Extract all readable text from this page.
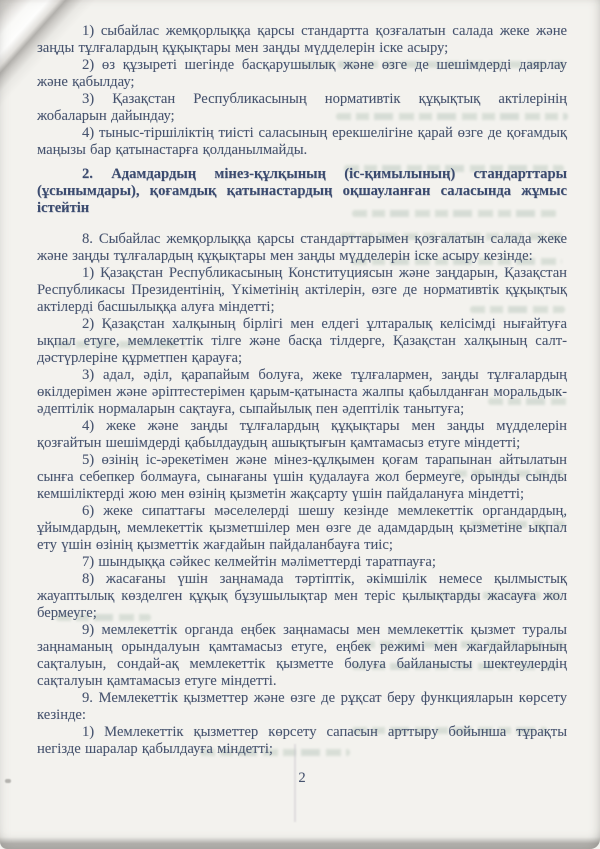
1) сыбайлас жемқорлыққа қарсы стандартта қозғалатын салада жеке және заңды тұлғалардың құқықтары мен заңды мүдделерін іске асыру;

2) өз құзыреті шегінде басқарушылық және өзге де шешімдерді даярлау және қабылдау;

3) Қазақстан Республикасының нормативтік құқықтық актілерінің жобаларын дайындау;

4) тыныс-тіршіліктің тиісті саласының ерекшелігіне қарай өзге де қоғамдық маңызы бар қатынастарға қолданылмайды.

2. Адамдардың мінез-құлқының (іс-қимылының) стандарттары (ұсынымдары), қоғамдық қатынастардың оқшауланған саласында жұмыс істейтін

8. Сыбайлас жемқорлыққа қарсы стандарттарымен қозғалатын салада жеке және заңды тұлғалардың құқықтары мен заңды мүдделерін іске асыру кезінде:

1) Қазақстан Республикасының Конституциясын және заңдарын, Қазақстан Республикасы Президентінің, Үкіметінің актілерін, өзге де нормативтік құқықтық актілерді басшылыққа алуға міндетті;

2) Қазақстан халқының бірлігі мен елдегі ұлтаралық келісімді нығайтуға ықпал етуге, мемлекеттік тілге және басқа тілдерге, Қазақстан халқының салт-дәстүрлеріне құрметпен қарауға;

3) адал, әділ, қарапайым болуға, жеке тұлғалармен, заңды тұлғалардың өкілдерімен және әріптестерімен қарым-қатынаста жалпы қабылданған моральдык-әдептілік нормаларын сақтауға, сыпайылық пен әдептілік танытуға;

4) жеке және заңды тұлғалардың құқықтары мен заңды мүдделерін қозғайтын шешімдерді қабылдаудың ашықтығын қамтамасыз етуге міндетті;

5) өзінің іс-әрекетімен және мінез-құлқымен қоғам тарапынан айтылатын сынға себепкер болмауға, сынағаны үшін қудалауға жол бермеуге, орынды сынды кемшіліктерді жою мен өзінің қызметін жақсарту үшін пайдалануға міндетті;

6) жеке сипаттағы мәселелерді шешу кезінде мемлекеттік органдардың, ұйымдардың, мемлекеттік қызметшілер мен өзге де адамдардың қызметіне ықпал ету үшін өзінің қызметтік жағдайын пайдаланбауға тиіс;

7) шындыққа сәйкес келмейтін мәліметтерді таратпауға;

8) жасағаны үшін заңнамада тәртіптік, әкімшілік немесе қылмыстық жауаптылық көзделген құқық бұзушылықтар мен теріс қылықтарды жасауға жол бермеуге;

9) мемлекеттік органда еңбек заңнамасы мен мемлекеттік қызмет туралы заңнаманың орындалуын қамтамасыз етуге, еңбек режимі мен жағдайларының сақталуын, сондай-ақ мемлекеттік қызметте болуға байланысты шектеулердің сақталуын қамтамасыз етуге міндетті.

9. Мемлекеттік қызметтер және өзге де рұқсат беру функцияларын көрсету кезінде:

1) Мемлекеттік қызметтер көрсету сапасын арттыру бойынша тұрақты негізде шаралар қабылдауға міндетті;

2
